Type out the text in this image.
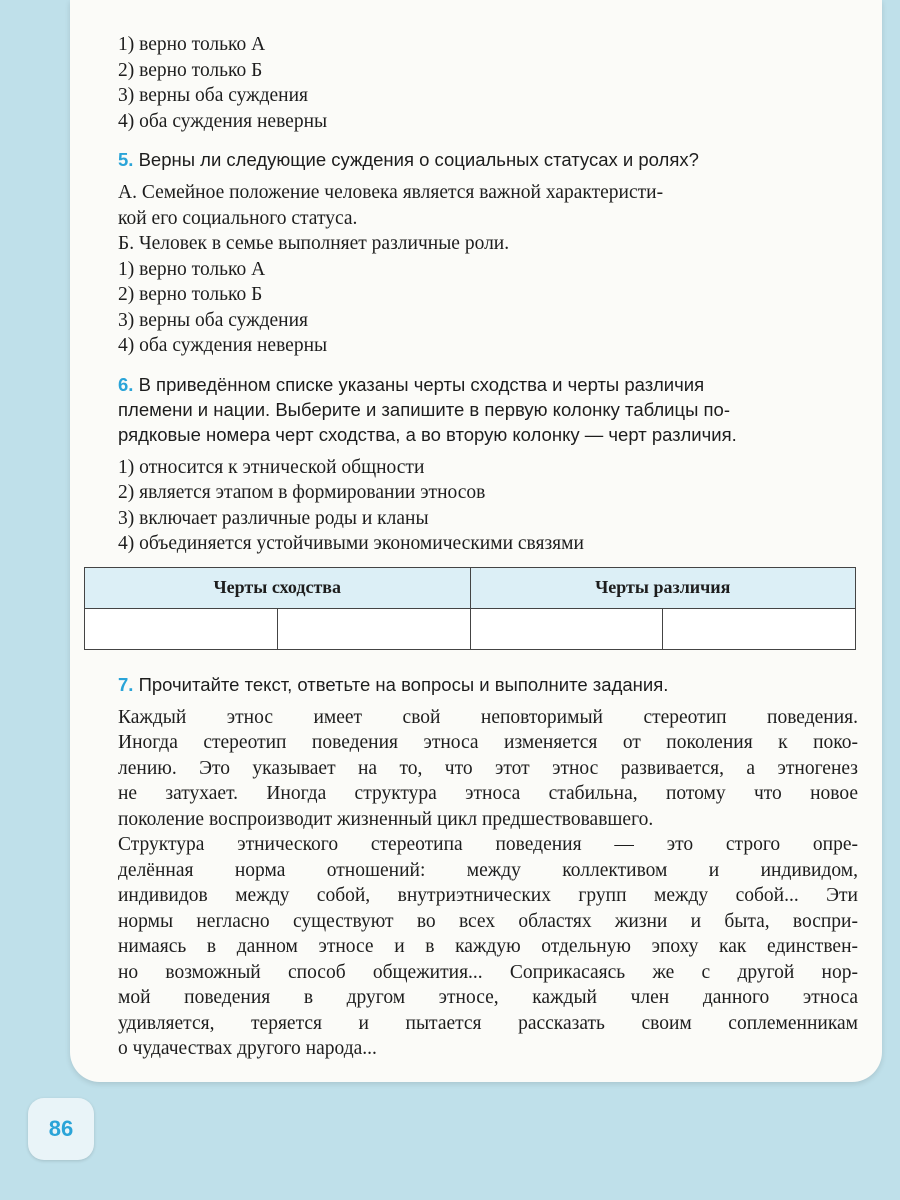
1) верно только А
2) верно только Б
3) верны оба суждения
4) оба суждения неверны
5. Верны ли следующие суждения о социальных статусах и ролях?
А. Семейное положение человека является важной характеристи-
кой его социального статуса.
Б. Человек в семье выполняет различные роли.
1) верно только А
2) верно только Б
3) верны оба суждения
4) оба суждения неверны
6. В приведённом списке указаны черты сходства и черты различия
племени и нации. Выберите и запишите в первую колонку таблицы по-
рядковые номера черт сходства, а во вторую колонку — черт различия.
1) относится к этнической общности
2) является этапом в формировании этносов
3) включает различные роды и кланы
4) объединяется устойчивыми экономическими связями
Черты сходства		Черты различия	

7. Прочитайте текст, ответьте на вопросы и выполните задания.
Каждый этнос имеет свой неповторимый стереотип поведения.
Иногда стереотип поведения этноса изменяется от поколения к поко-
лению. Это указывает на то, что этот этнос развивается, а этногенез
не затухает. Иногда структура этноса стабильна, потому что новое
поколение воспроизводит жизненный цикл предшествовавшего.
Структура этнического стереотипа поведения — это строго опре-
делённая норма отношений: между коллективом и индивидом,
индивидов между собой, внутриэтнических групп между собой... Эти
нормы негласно существуют во всех областях жизни и быта, воспри-
нимаясь в данном этносе и в каждую отдельную эпоху как единствен-
но возможный способ общежития... Соприкасаясь же с другой нор-
мой поведения в другом этносе, каждый член данного этноса
удивляется, теряется и пытается рассказать своим соплеменникам
о чудачествах другого народа...
86
